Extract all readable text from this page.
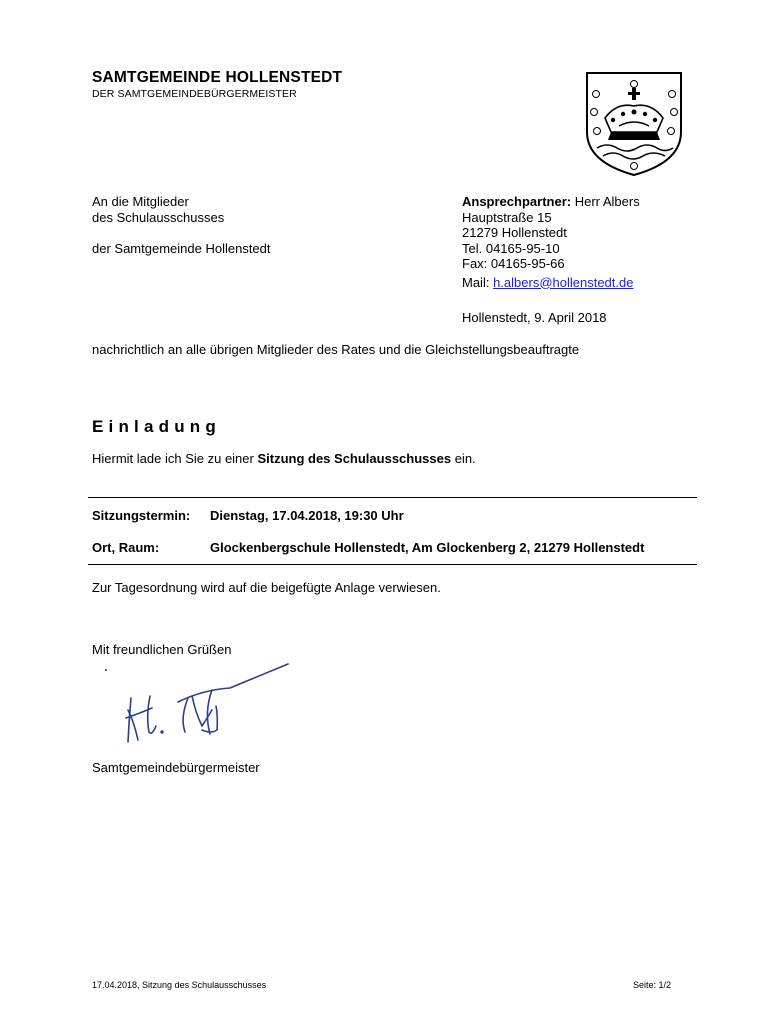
SAMTGEMEINDE HOLLENSTEDT
DER SAMTGEMEINDEBÜRGERMEISTER
An die Mitglieder
des Schulausschusses
der Samtgemeinde Hollenstedt
Ansprechpartner: Herr Albers
Hauptstraße 15
21279 Hollenstedt
Tel. 04165-95-10
Fax: 04165-95-66
Mail: h.albers@hollenstedt.de
Hollenstedt, 9. April 2018
nachrichtlich an alle übrigen Mitglieder des Rates und die Gleichstellungsbeauftragte
Einladung
Hiermit lade ich Sie zu einer Sitzung des Schulausschusses ein.
Sitzungstermin: Dienstag, 17.04.2018, 19:30 Uhr
Ort, Raum:	Glockenbergschule Hollenstedt, Am Glockenberg 2, 21279 Hollenstedt
Zur Tagesordnung wird auf die beigefügte Anlage verwiesen.
Mit freundlichen Grüßen
Samtgemeindebürgermeister
17.04.2018, Sitzung des Schulausschusses	Seite: 1/2
